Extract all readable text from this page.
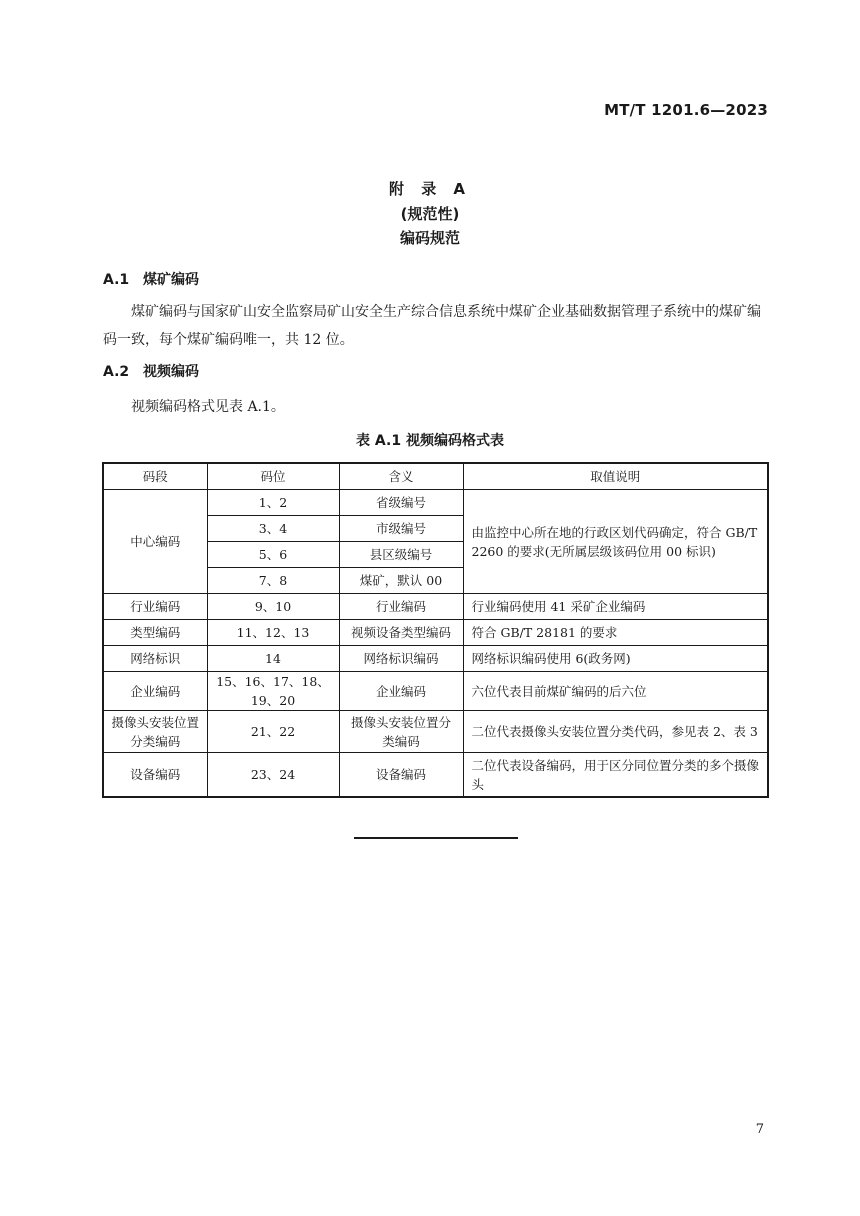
MT/T 1201.6—2023
附 录 A
(规范性)
编码规范
A.1 煤矿编码
煤矿编码与国家矿山安全监察局矿山安全生产综合信息系统中煤矿企业基础数据管理子系统中的煤矿编码一致，每个煤矿编码唯一，共 12 位。
A.2 视频编码
视频编码格式见表 A.1。
表 A.1 视频编码格式表
码段	码位	含义	取值说明
中心编码	1、2	省级编号	由监控中心所在地的行政区划代码确定，符合 GB/T 2260 的要求(无所属层级该码位用 00 标识)
	3、4	市级编号	
	5、6	县区级编号	
	7、8	煤矿，默认 00	
行业编码	9、10	行业编码	行业编码使用 41 采矿企业编码
类型编码	11、12、13	视频设备类型编码	符合 GB/T 28181 的要求
网络标识	14	网络标识编码	网络标识编码使用 6(政务网)
企业编码	15、16、17、18、19、20	企业编码	六位代表目前煤矿编码的后六位
摄像头安装位置分类编码	21、22	摄像头安装位置分类编码	二位代表摄像头安装位置分类代码，参见表 2、表 3
设备编码	23、24	设备编码	二位代表设备编码，用于区分同位置分类的多个摄像头
7
